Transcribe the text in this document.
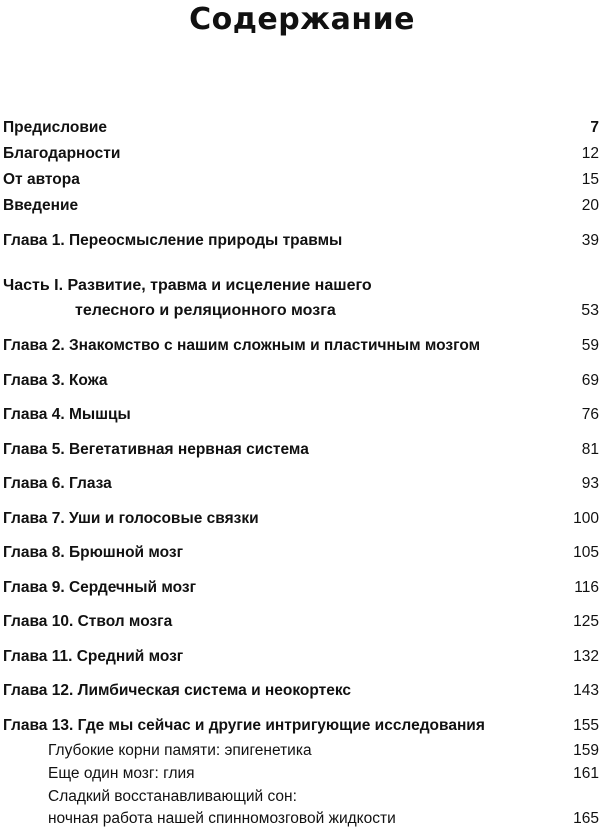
Содержание
Предисловие	7
Благодарности	12
От автора	15
Введение	20
Глава 1. Переосмысление природы травмы	39
Часть I. Развитие, травма и исцеление нашего
телесного и реляционного мозга	53
Глава 2. Знакомство с нашим сложным и пластичным мозгом	59
Глава 3. Кожа	69
Глава 4. Мышцы	76
Глава 5. Вегетативная нервная система	81
Глава 6. Глаза	93
Глава 7. Уши и голосовые связки	100
Глава 8. Брюшной мозг	105
Глава 9. Сердечный мозг	116
Глава 10. Ствол мозга	125
Глава 11. Средний мозг	132
Глава 12. Лимбическая система и неокортекс	143
Глава 13. Где мы сейчас и другие интригующие исследования	155
Глубокие корни памяти: эпигенетика	159
Еще один мозг: глия	161
Сладкий восстанавливающий сон:
ночная работа нашей спинномозговой жидкости	165
